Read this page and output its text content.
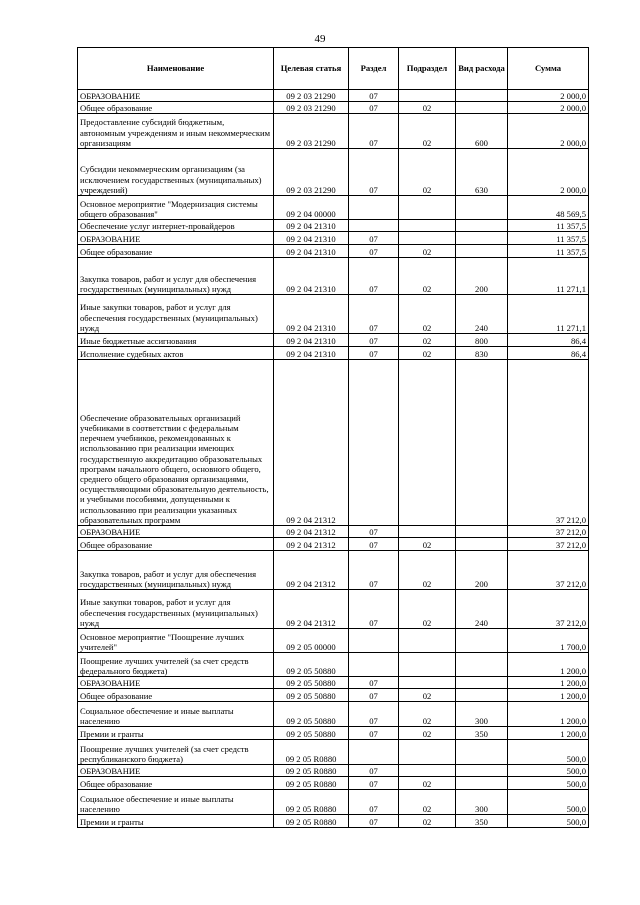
49
Наименование	Целевая статья	Раздел	Подраздел	Вид расхода	Сумма
ОБРАЗОВАНИЕ	09 2 03 21290	07			2 000,0
Общее образование	09 2 03 21290	07	02		2 000,0
Предоставление субсидий бюджетным, автономным учреждениям и иным некоммерческим организациям	09 2 03 21290	07	02	600	2 000,0
Субсидии некоммерческим организациям (за исключением государственных (муниципальных) учреждений)	09 2 03 21290	07	02	630	2 000,0
Основное мероприятие "Модернизация системы общего образования"	09 2 04 00000				48 569,5
Обеспечение услуг интернет-провайдеров	09 2 04 21310				11 357,5
ОБРАЗОВАНИЕ	09 2 04 21310	07			11 357,5
Общее образование	09 2 04 21310	07	02		11 357,5
Закупка товаров, работ и услуг для обеспечения государственных (муниципальных) нужд	09 2 04 21310	07	02	200	11 271,1
Иные закупки товаров, работ и услуг для обеспечения государственных (муниципальных) нужд	09 2 04 21310	07	02	240	11 271,1
Иные бюджетные ассигнования	09 2 04 21310	07	02	800	86,4
Исполнение судебных актов	09 2 04 21310	07	02	830	86,4
Обеспечение образовательных организаций учебниками в соответствии с федеральным перечнем учебников, рекомендованных к использованию при реализации имеющих государственную аккредитацию образовательных программ начального общего, основного общего, среднего общего образования организациями, осуществляющими образовательную деятельность, и учебными пособиями, допущенными к использованию при реализации указанных образовательных программ	09 2 04 21312				37 212,0
ОБРАЗОВАНИЕ	09 2 04 21312	07			37 212,0
Общее образование	09 2 04 21312	07	02		37 212,0
Закупка товаров, работ и услуг для обеспечения государственных (муниципальных) нужд	09 2 04 21312	07	02	200	37 212,0
Иные закупки товаров, работ и услуг для обеспечения государственных (муниципальных) нужд	09 2 04 21312	07	02	240	37 212,0
Основное мероприятие "Поощрение лучших учителей"	09 2 05 00000				1 700,0
Поощрение лучших учителей (за счет средств федерального бюджета)	09 2 05 50880				1 200,0
ОБРАЗОВАНИЕ	09 2 05 50880	07			1 200,0
Общее образование	09 2 05 50880	07	02		1 200,0
Социальное обеспечение и иные выплаты населению	09 2 05 50880	07	02	300	1 200,0
Премии и гранты	09 2 05 50880	07	02	350	1 200,0
Поощрение лучших учителей (за счет средств республиканского бюджета)	09 2 05 R0880				500,0
ОБРАЗОВАНИЕ	09 2 05 R0880	07			500,0
Общее образование	09 2 05 R0880	07	02		500,0
Социальное обеспечение и иные выплаты населению	09 2 05 R0880	07	02	300	500,0
Премии и гранты	09 2 05 R0880	07	02	350	500,0
